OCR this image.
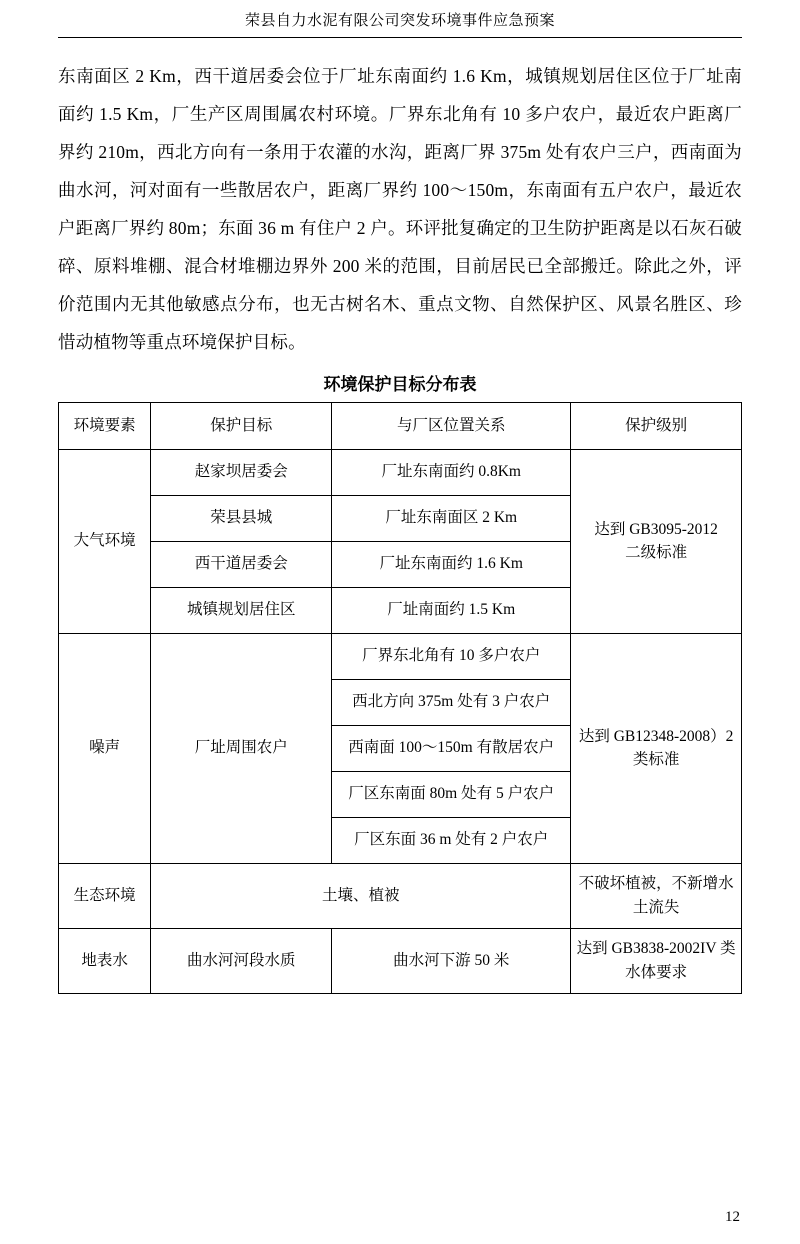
荣县自力水泥有限公司突发环境事件应急预案
东南面区 2 Km，西干道居委会位于厂址东南面约 1.6 Km，城镇规划居住区位于厂址南面约 1.5 Km，厂生产区周围属农村环境。厂界东北角有 10 多户农户，最近农户距离厂界约 210m，西北方向有一条用于农灌的水沟，距离厂界 375m 处有农户三户，西南面为曲水河，河对面有一些散居农户，距离厂界约 100～150m，东南面有五户农户，最近农户距离厂界约 80m；东面 36 m 有住户 2 户。环评批复确定的卫生防护距离是以石灰石破碎、原料堆棚、混合材堆棚边界外 200 米的范围，目前居民已全部搬迁。除此之外，评价范围内无其他敏感点分布，也无古树名木、重点文物、自然保护区、风景名胜区、珍惜动植物等重点环境保护目标。
环境保护目标分布表
环境要素	保护目标	与厂区位置关系	保护级别
大气环境	赵家坝居委会	厂址东南面约 0.8Km	达到 GB3095-2012
二级标准

	荣县县城	厂址东南面区 2 Km	
	西干道居委会	厂址东南面约 1.6 Km	
	城镇规划居住区	厂址南面约 1.5 Km	
噪声	厂址周围农户	厂界东北角有 10 多户农户	达到 GB12348-2008）2
类标准

		西北方向 375m 处有 3 户农户	
		西南面 100～150m 有散居农户	
		厂区东南面 80m 处有 5 户农户	
		厂区东面 36 m 处有 2 户农户	
生态环境	土壤、植被		不破坏植被，不新增水
土流失

地表水	曲水河河段水质	曲水河下游 50 米	达到 GB3838-2002IV 类
水体要求
12
